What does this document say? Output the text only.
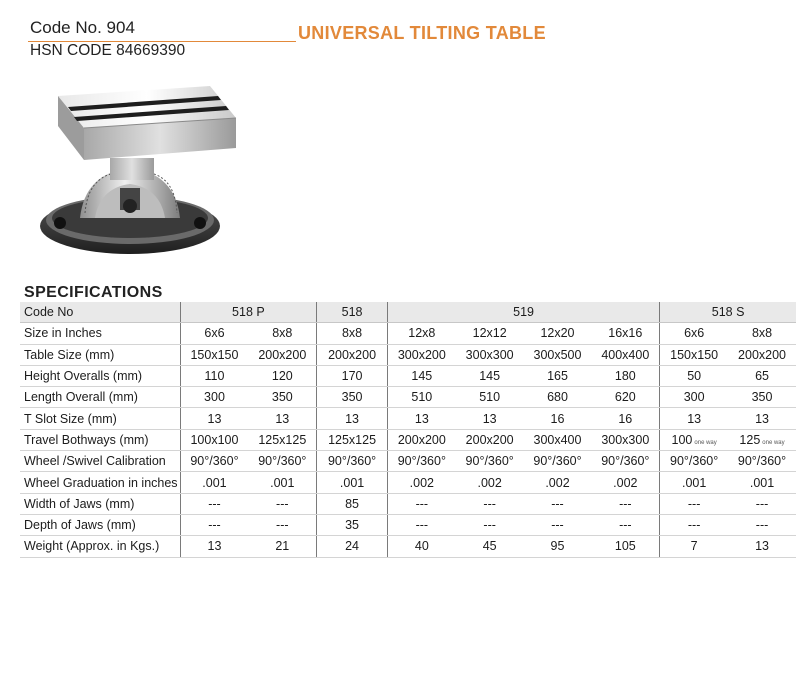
Code No. 904
HSN CODE 84669390
UNIVERSAL TILTING TABLE
SPECIFICATIONS
Code No	518 P		518	519				518 S	
Size in Inches	6x6	8x8	8x8	12x8	12x12	12x20	16x16	6x6	8x8
Table Size (mm)	150x150	200x200	200x200	300x200	300x300	300x500	400x400	150x150	200x200
Height Overalls (mm)	110	120	170	145	145	165	180	50	65
Length Overall (mm)	300	350	350	510	510	680	620	300	350
T Slot Size (mm)	13	13	13	13	13	16	16	13	13
Travel Bothways (mm)	100x100	125x125	125x125	200x200	200x200	300x400	300x300	100 one way	125 one way
Wheel /Swivel Calibration	90°/360°	90°/360°	90°/360°	90°/360°	90°/360°	90°/360°	90°/360°	90°/360°	90°/360°
Wheel Graduation in inches	.001	.001	.001	.002	.002	.002	.002	.001	.001
Width of Jaws (mm)	---	---	85	---	---	---	---	---	---
Depth of Jaws (mm)	---	---	35	---	---	---	---	---	---
Weight (Approx. in Kgs.)	13	21	24	40	45	95	105	7	13
